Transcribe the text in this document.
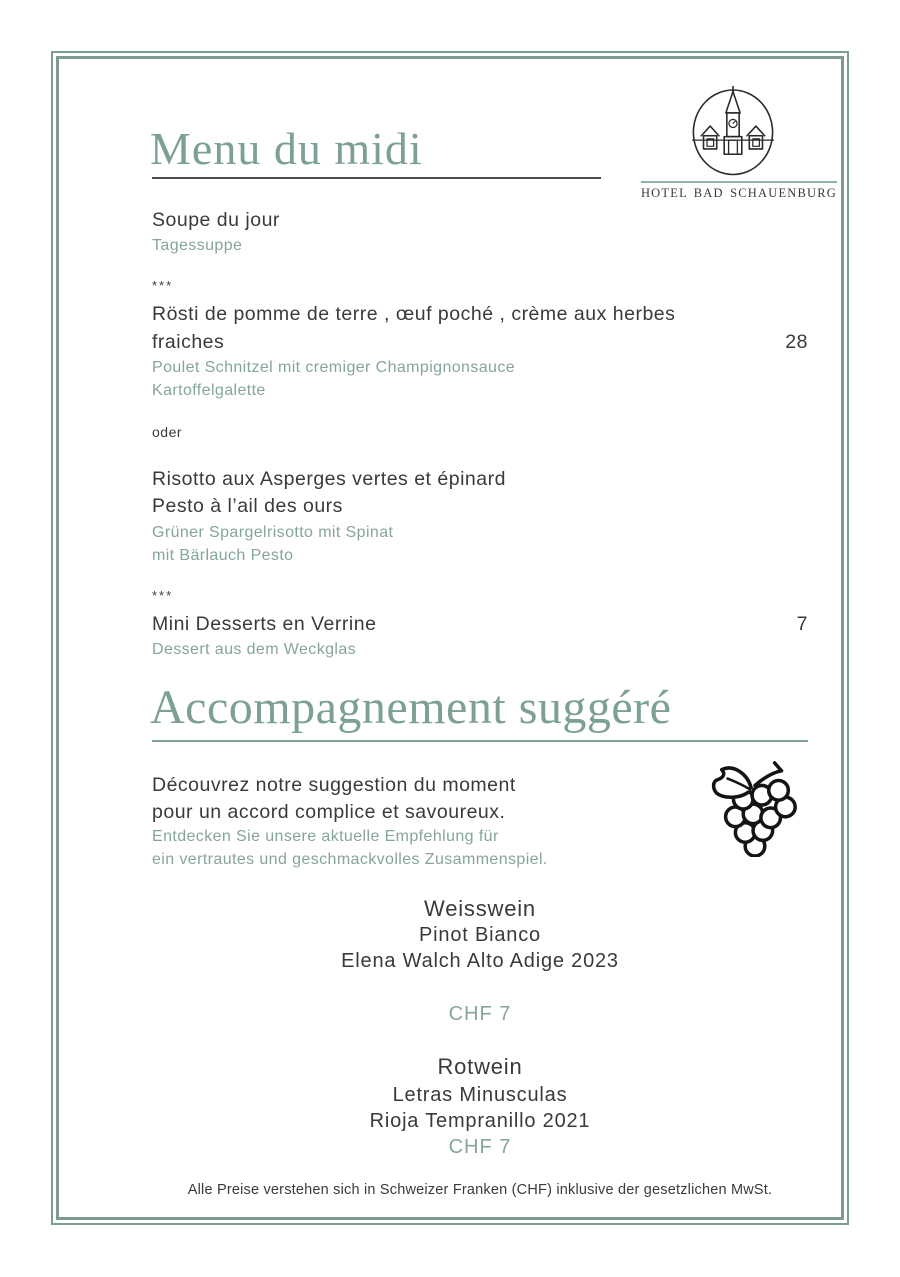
Menu du midi
HOTEL BAD SCHAUENBURG
Soupe du jour
Tagessuppe
***
Rösti de pomme de terre , œuf poché , crème aux herbes
fraiches	28
Poulet Schnitzel mit cremiger Champignonsauce
Kartoffelgalette
oder
Risotto aux Asperges vertes et épinard
Pesto à l’ail des ours
Grüner Spargelrisotto mit Spinat
mit Bärlauch Pesto
***
Mini Desserts en Verrine	7
Dessert aus dem Weckglas
Accompagnement suggéré
Découvrez notre suggestion du moment
pour un accord complice et savoureux.
Entdecken Sie unsere aktuelle Empfehlung für
ein vertrautes und geschmackvolles Zusammenspiel.
Weisswein
Pinot Bianco
Elena Walch Alto Adige 2023
CHF 7
Rotwein
Letras Minusculas
Rioja Tempranillo 2021
CHF 7
Alle Preise verstehen sich in Schweizer Franken (CHF) inklusive der gesetzlichen MwSt.
